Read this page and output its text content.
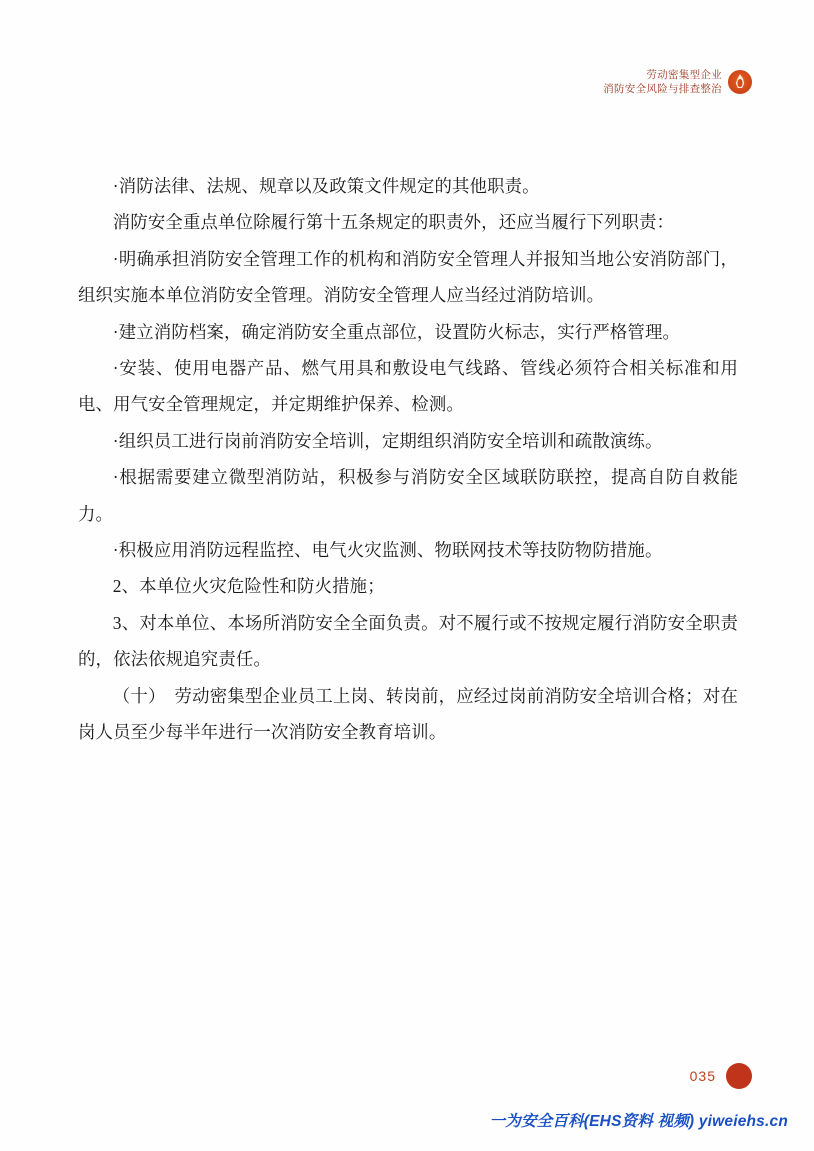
劳动密集型企业
消防安全风险与排查整治

·消防法律、法规、规章以及政策文件规定的其他职责。

消防安全重点单位除履行第十五条规定的职责外，还应当履行下列职责：

·明确承担消防安全管理工作的机构和消防安全管理人并报知当地公安消防部门，组织实施本单位消防安全管理。消防安全管理人应当经过消防培训。

·建立消防档案，确定消防安全重点部位，设置防火标志，实行严格管理。

·安装、使用电器产品、燃气用具和敷设电气线路、管线必须符合相关标准和用电、用气安全管理规定，并定期维护保养、检测。

·组织员工进行岗前消防安全培训，定期组织消防安全培训和疏散演练。

·根据需要建立微型消防站，积极参与消防安全区域联防联控，提高自防自救能力。

·积极应用消防远程监控、电气火灾监测、物联网技术等技防物防措施。

2、本单位火灾危险性和防火措施；

3、对本单位、本场所消防安全全面负责。对不履行或不按规定履行消防安全职责的，依法依规追究责任。

（十）　劳动密集型企业员工上岗、转岗前，应经过岗前消防安全培训合格；对在岗人员至少每半年进行一次消防安全教育培训。

035
一为安全百科(EHS资料 视频) yiweiehs.cn
